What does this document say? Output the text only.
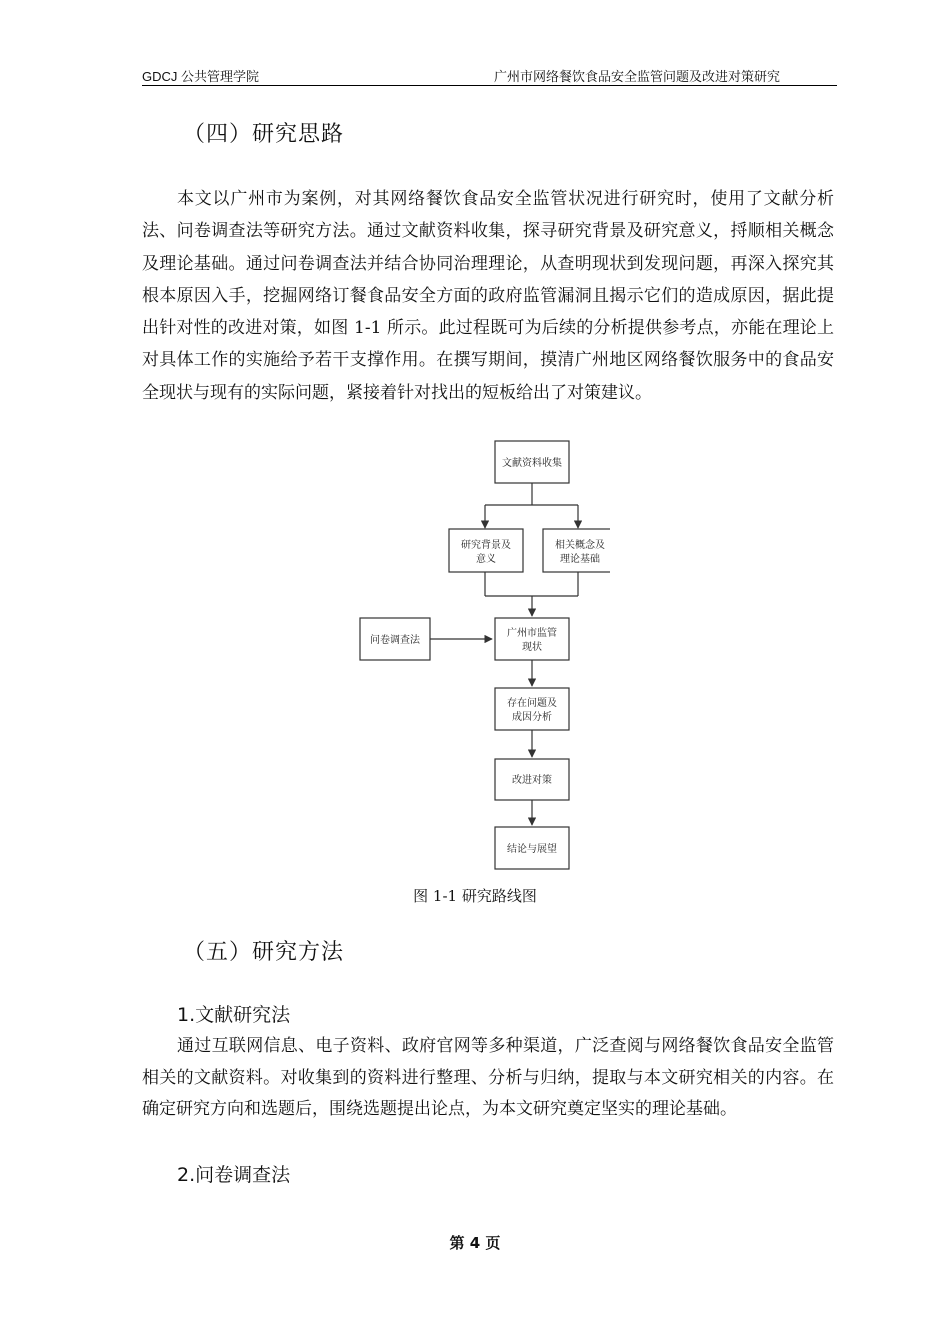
GDCJ 公共管理学院	广州市网络餐饮食品安全监管问题及改进对策研究
（四）研究思路
本文以广州市为案例，对其网络餐饮食品安全监管状况进行研究时，使用了文献分析法、问卷调查法等研究方法。通过文献资料收集，探寻研究背景及研究意义，捋顺相关概念及理论基础。通过问卷调查法并结合协同治理理论，从查明现状到发现问题，再深入探究其根本原因入手，挖掘网络订餐食品安全方面的政府监管漏洞且揭示它们的造成原因，据此提出针对性的改进对策，如图 1-1 所示。此过程既可为后续的分析提供参考点，亦能在理论上对具体工作的实施给予若干支撑作用。在撰写期间，摸清广州地区网络餐饮服务中的食品安全现状与现有的实际问题，紧接着针对找出的短板给出了对策建议。
文献资料收集
研究背景及
意义
相关概念及
理论基础
问卷调查法
广州市监管
现状
存在问题及
成因分析
改进对策
结论与展望
图 1-1 研究路线图
（五）研究方法
1.文献研究法
通过互联网信息、电子资料、政府官网等多种渠道，广泛查阅与网络餐饮食品安全监管相关的文献资料。对收集到的资料进行整理、分析与归纳，提取与本文研究相关的内容。在确定研究方向和选题后，围绕选题提出论点，为本文研究奠定坚实的理论基础。
2.问卷调查法
第 4 页
